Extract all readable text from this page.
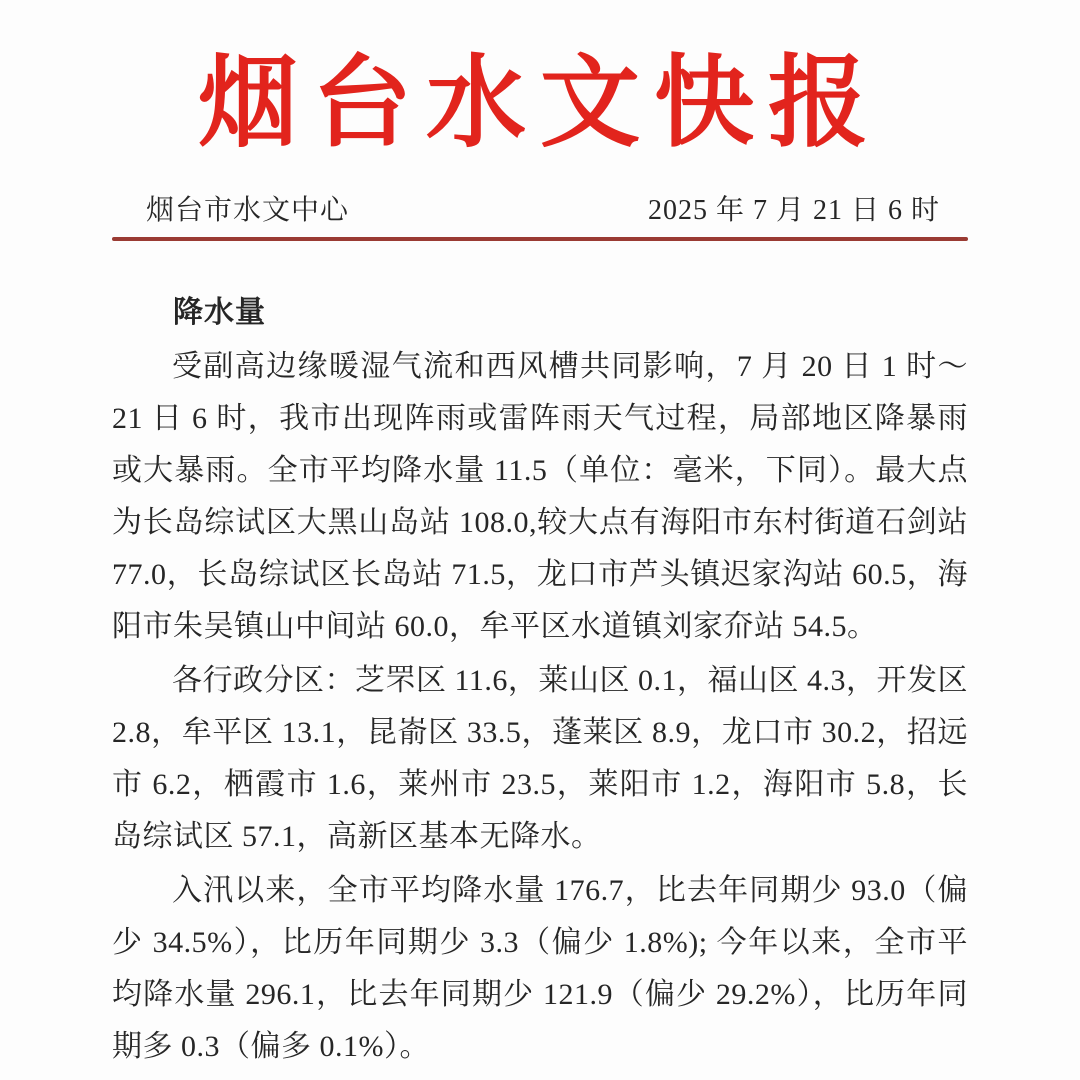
烟台水文快报
烟台市水文中心	2025 年 7 月 21 日 6 时
降水量

受副高边缘暖湿气流和西风槽共同影响，7 月 20 日 1 时～21 日 6 时，我市出现阵雨或雷阵雨天气过程，局部地区降暴雨或大暴雨。全市平均降水量 11.5（单位：毫米，下同）。最大点为长岛综试区大黑山岛站 108.0,较大点有海阳市东村街道石剑站 77.0，长岛综试区长岛站 71.5，龙口市芦头镇迟家沟站 60.5，海阳市朱吴镇山中间站 60.0，牟平区水道镇刘家夼站 54.5。

各行政分区：芝罘区 11.6，莱山区 0.1，福山区 4.3，开发区 2.8，牟平区 13.1，昆嵛区 33.5，蓬莱区 8.9，龙口市 30.2，招远市 6.2，栖霞市 1.6，莱州市 23.5，莱阳市 1.2，海阳市 5.8，长岛综试区 57.1，高新区基本无降水。

入汛以来，全市平均降水量 176.7，比去年同期少 93.0（偏少 34.5%），比历年同期少 3.3（偏少 1.8%); 今年以来，全市平均降水量 296.1，比去年同期少 121.9（偏少 29.2%），比历年同期多 0.3（偏多 0.1%）。
